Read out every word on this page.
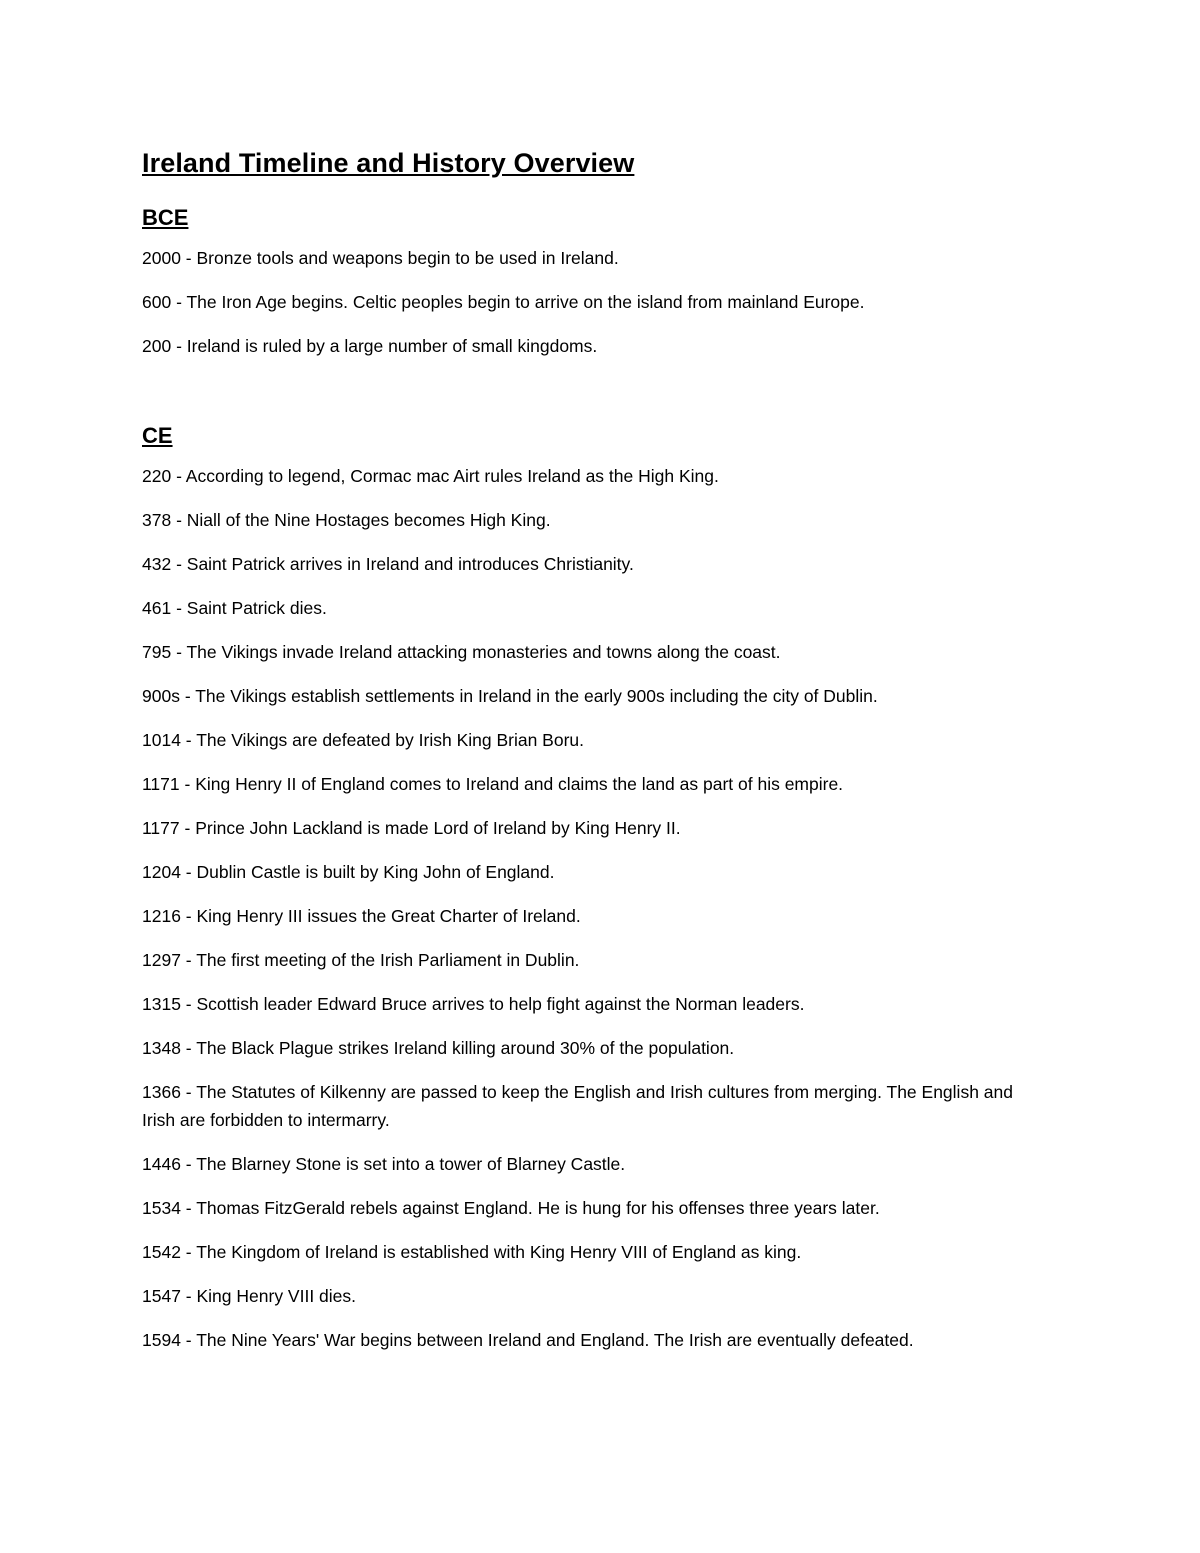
Ireland Timeline and History Overview
BCE

2000 - Bronze tools and weapons begin to be used in Ireland.

600 - The Iron Age begins. Celtic peoples begin to arrive on the island from mainland Europe.

200 - Ireland is ruled by a large number of small kingdoms.

CE

220 - According to legend, Cormac mac Airt rules Ireland as the High King.

378 - Niall of the Nine Hostages becomes High King.

432 - Saint Patrick arrives in Ireland and introduces Christianity.

461 - Saint Patrick dies.

795 - The Vikings invade Ireland attacking monasteries and towns along the coast.

900s - The Vikings establish settlements in Ireland in the early 900s including the city of Dublin.

1014 - The Vikings are defeated by Irish King Brian Boru.

1171 - King Henry II of England comes to Ireland and claims the land as part of his empire.

1177 - Prince John Lackland is made Lord of Ireland by King Henry II.

1204 - Dublin Castle is built by King John of England.

1216 - King Henry III issues the Great Charter of Ireland.

1297 - The first meeting of the Irish Parliament in Dublin.

1315 - Scottish leader Edward Bruce arrives to help fight against the Norman leaders.

1348 - The Black Plague strikes Ireland killing around 30% of the population.

1366 - The Statutes of Kilkenny are passed to keep the English and Irish cultures from merging. The English and Irish are forbidden to intermarry.

1446 - The Blarney Stone is set into a tower of Blarney Castle.

1534 - Thomas FitzGerald rebels against England. He is hung for his offenses three years later.

1542 - The Kingdom of Ireland is established with King Henry VIII of England as king.

1547 - King Henry VIII dies.

1594 - The Nine Years' War begins between Ireland and England. The Irish are eventually defeated.
